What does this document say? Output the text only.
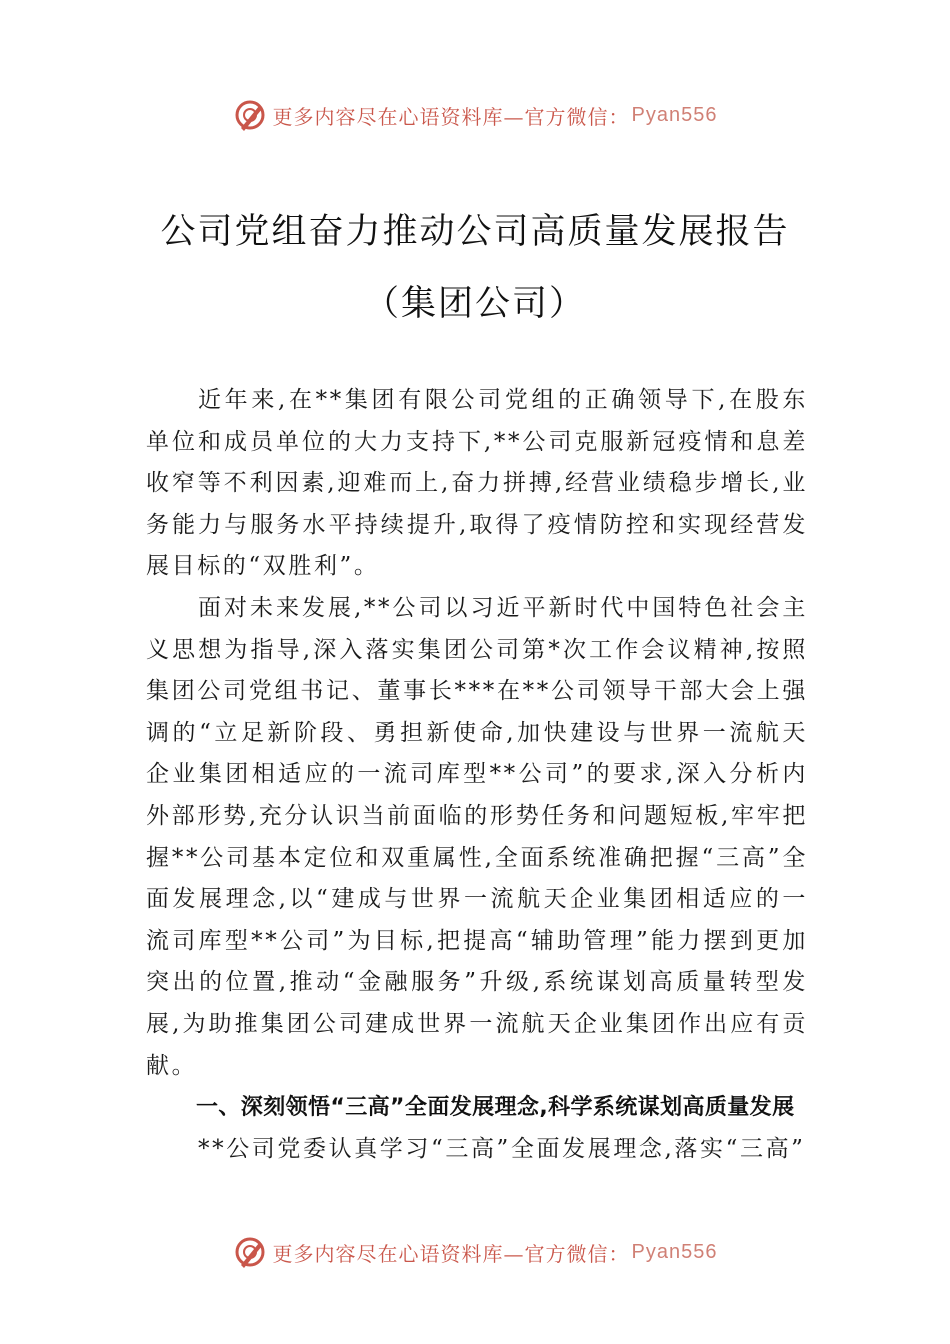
更多内容尽在心语资料库—官方微信： Pyan556
公司党组奋力推动公司高质量发展报告
（集团公司）

近年来,在**集团有限公司党组的正确领导下,在股东单位和成员单位的大力支持下,**公司克服新冠疫情和息差收窄等不利因素,迎难而上,奋力拼搏,经营业绩稳步增长,业务能力与服务水平持续提升,取得了疫情防控和实现经营发展目标的“双胜利”。

面对未来发展,**公司以习近平新时代中国特色社会主义思想为指导,深入落实集团公司第*次工作会议精神,按照集团公司党组书记、董事长***在**公司领导干部大会上强调的“立足新阶段、勇担新使命,加快建设与世界一流航天企业集团相适应的一流司库型**公司”的要求,深入分析内外部形势,充分认识当前面临的形势任务和问题短板,牢牢把握**公司基本定位和双重属性,全面系统准确把握“三高”全面发展理念,以“建成与世界一流航天企业集团相适应的一流司库型**公司”为目标,把提高“辅助管理”能力摆到更加突出的位置,推动“金融服务”升级,系统谋划高质量转型发展,为助推集团公司建成世界一流航天企业集团作出应有贡献。

一、深刻领悟“三高”全面发展理念,科学系统谋划高质量发展

**公司党委认真学习“三高”全面发展理念,落实“三高”

更多内容尽在心语资料库—官方微信： Pyan556
